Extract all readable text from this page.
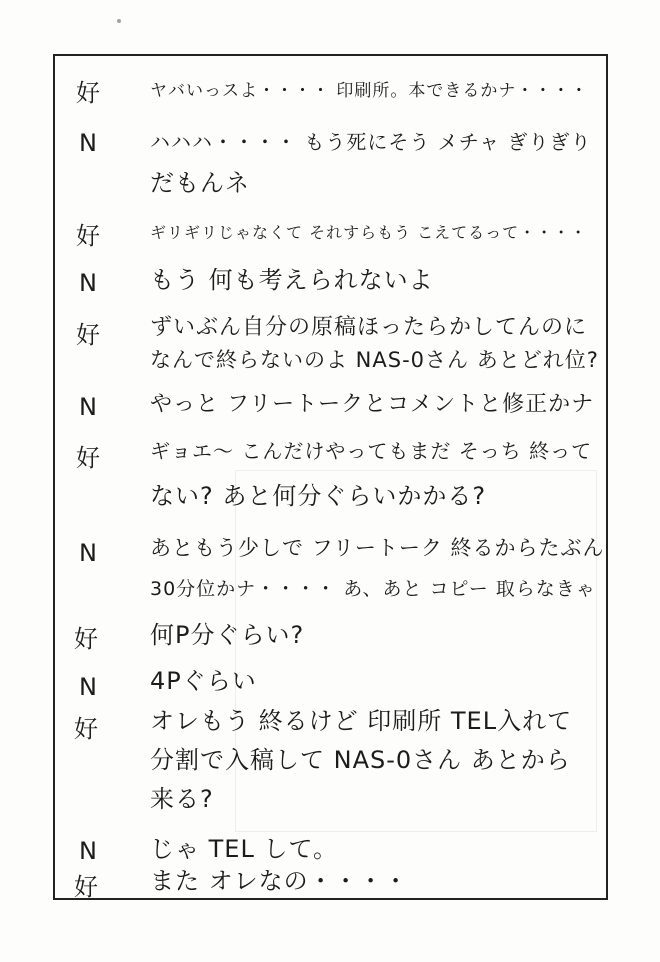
好	ヤバいっスよ・・・・ 印刷所。本できるかナ・・・・
N	ハハハ・・・・ もう死にそう メチャ ぎりぎり
だもんネ
好	ギリギリじゃなくて それすらもう こえてるって・・・・
N	もう 何も考えられないよ
好	ずいぶん自分の原稿ほったらかしてんのに
なんで終らないのよ NAS-0さん あとどれ位?
N	やっと フリートークとコメントと修正かナ
好	ギョエ〜 こんだけやってもまだ そっち 終って
ない? あと何分ぐらいかかる?
N	あともう少しで フリートーク 終るからたぶん
30分位かナ・・・・ あ、あと コピー 取らなきゃ
好	何P分ぐらい?
N	4Pぐらい
好	オレもう 終るけど 印刷所 TEL入れて
分割で入稿して NAS-0さん あとから
来る?
N	じゃ TEL して。
好	また オレなの・・・・
